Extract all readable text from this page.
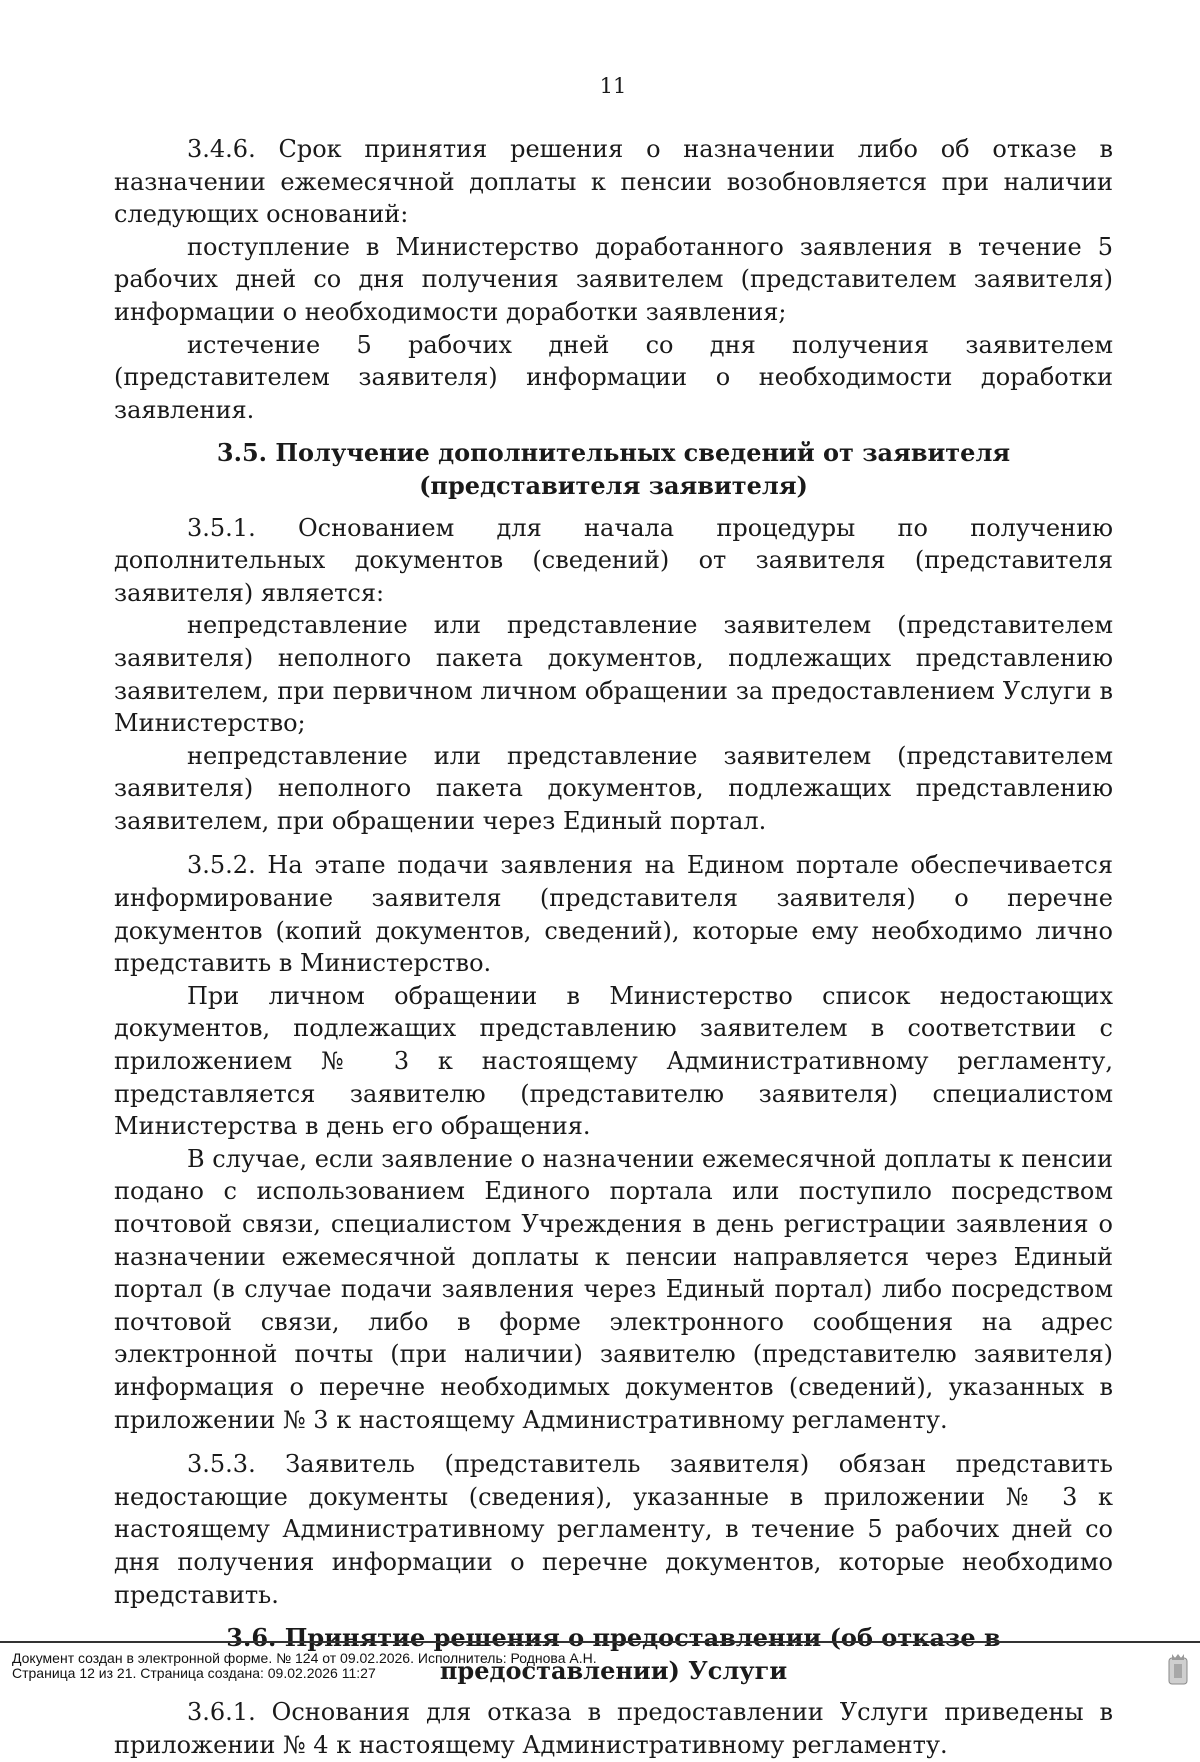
11

3.4.6. Срок принятия решения о назначении либо об отказе в назначении ежемесячной доплаты к пенсии возобновляется при наличии следующих оснований:

поступление в Министерство доработанного заявления в течение 5 рабочих дней со дня получения заявителем (представителем заявителя) информации о необходимости доработки заявления;

истечение 5 рабочих дней со дня получения заявителем (представителем заявителя) информации о необходимости доработки заявления.

3.5. Получение дополнительных сведений от заявителя (представителя заявителя)

3.5.1. Основанием для начала процедуры по получению дополнительных документов (сведений) от заявителя (представителя заявителя) является:

непредставление или представление заявителем (представителем заявителя) неполного пакета документов, подлежащих представлению заявителем, при первичном личном обращении за предоставлением Услуги в Министерство;

непредставление или представление заявителем (представителем заявителя) неполного пакета документов, подлежащих представлению заявителем, при обращении через Единый портал.

3.5.2. На этапе подачи заявления на Едином портале обеспечивается информирование заявителя (представителя заявителя) о перечне документов (копий документов, сведений), которые ему необходимо лично представить в Министерство.

При личном обращении в Министерство список недостающих документов, подлежащих представлению заявителем в соответствии с приложением № 3 к настоящему Административному регламенту, представляется заявителю (представителю заявителя) специалистом Министерства в день его обращения.

В случае, если заявление о назначении ежемесячной доплаты к пенсии подано с использованием Единого портала или поступило посредством почтовой связи, специалистом Учреждения в день регистрации заявления о назначении ежемесячной доплаты к пенсии направляется через Единый портал (в случае подачи заявления через Единый портал) либо посредством почтовой связи, либо в форме электронного сообщения на адрес электронной почты (при наличии) заявителю (представителю заявителя) информация о перечне необходимых документов (сведений), указанных в приложении № 3 к настоящему Административному регламенту.

3.5.3. Заявитель (представитель заявителя) обязан представить недостающие документы (сведения), указанные в приложении № 3 к настоящему Административному регламенту, в течение 5 рабочих дней со дня получения информации о перечне документов, которые необходимо представить.

3.6. Принятие решения о предоставлении (об отказе в предоставлении) Услуги

3.6.1. Основания для отказа в предоставлении Услуги приведены в приложении № 4 к настоящему Административному регламенту.

Документ создан в электронной форме. № 124 от 09.02.2026. Исполнитель: Роднова А.Н.
Страница 12 из 21. Страница создана: 09.02.2026 11:27
